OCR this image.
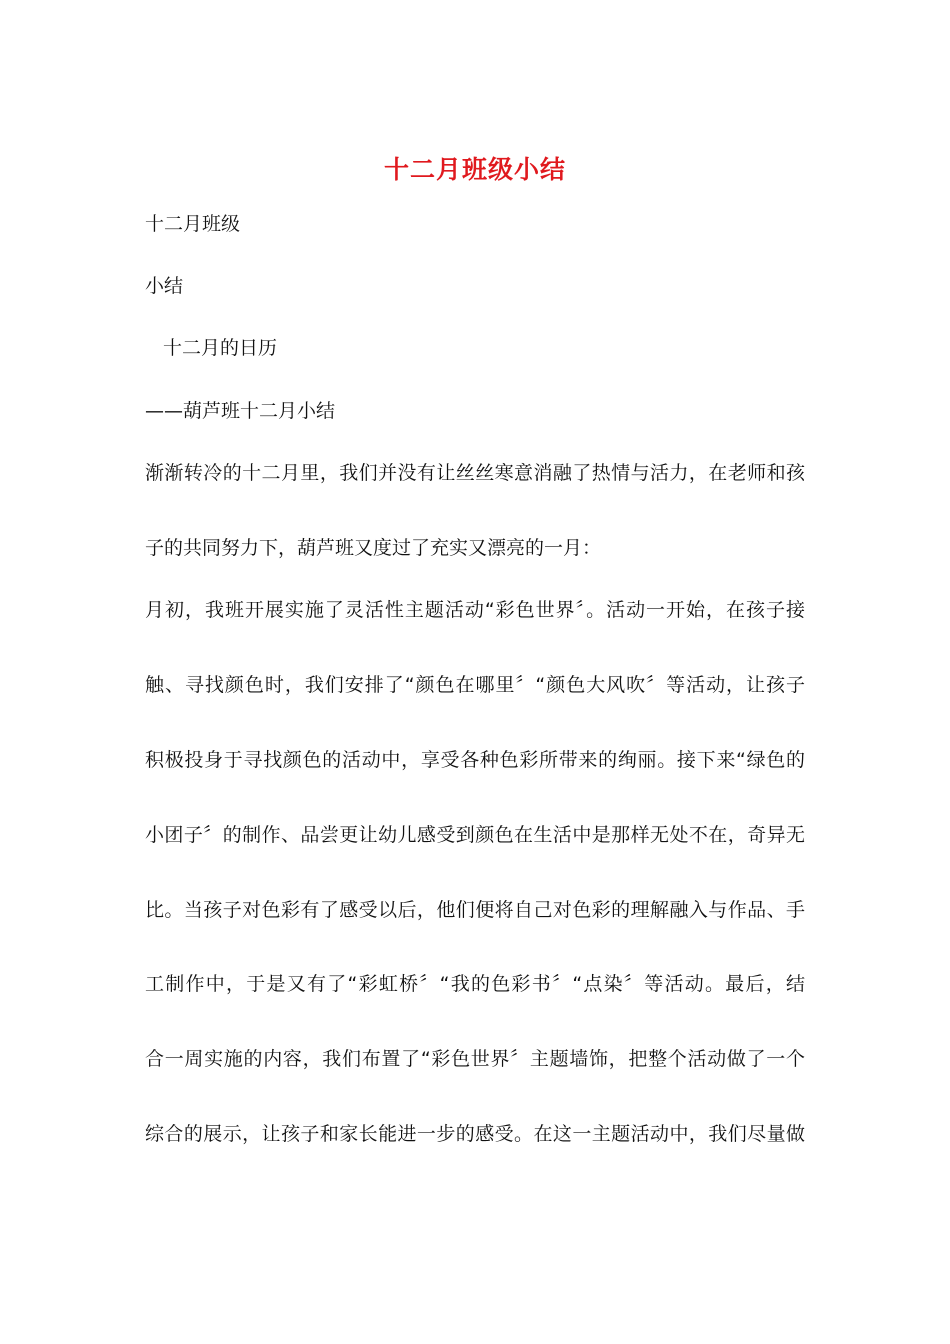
十二月班级小结
十二月班级
小结
十二月的日历
——葫芦班十二月小结
渐渐转冷的十二月里，我们并没有让丝丝寒意消融了热情与活力，在老师和孩
子的共同努力下，葫芦班又度过了充实又漂亮的一月：
月初，我班开展实施了灵活性主题活动“彩色世界〞。活动一开始，在孩子接
触、寻找颜色时，我们安排了“颜色在哪里〞“颜色大风吹〞等活动，让孩子
积极投身于寻找颜色的活动中，享受各种色彩所带来的绚丽。接下来“绿色的
小团子〞的制作、品尝更让幼儿感受到颜色在生活中是那样无处不在，奇异无
比。当孩子对色彩有了感受以后，他们便将自己对色彩的理解融入与作品、手
工制作中，于是又有了“彩虹桥〞“我的色彩书〞“点染〞等活动。最后，结
合一周实施的内容，我们布置了“彩色世界〞主题墙饰，把整个活动做了一个
综合的展示，让孩子和家长能进一步的感受。在这一主题活动中，我们尽量做
